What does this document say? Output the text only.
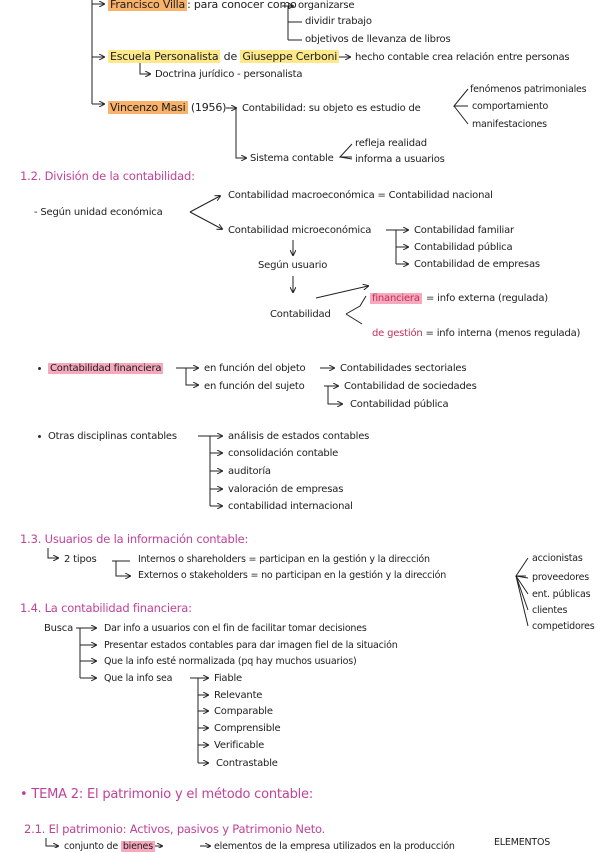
Francisco Villa : para conocer como organizarse
dividir trabajo
objetivos de llevanza de libros
Escuela Personalista de Giuseppe Cerboni hecho contable crea relación entre personas
Doctrina jurídico - personalista
Vincenzo Masi (1956) Contabilidad: su objeto es estudio de
fenómenos patrimoniales
comportamiento
manifestaciones
Sistema contable
refleja realidad
informa a usuarios
1.2. División de la contabilidad:
- Según unidad económica
Contabilidad macroeconómica = Contabilidad nacional
Contabilidad microeconómica	Contabilidad familiar
Contabilidad pública
Contabilidad de empresas
Según usuario
Contabilidad
financiera = info externa (regulada)
de gestión = info interna (menos regulada)
Contabilidad financiera	en función del objeto	Contabilidades sectoriales
en función del sujeto	Contabilidad de sociedades
Contabilidad pública
Otras disciplinas contables	análisis de estados contables
consolidación contable
auditoría
valoración de empresas
contabilidad internacional
1.3. Usuarios de la información contable:
2 tipos	Internos o shareholders = participan en la gestión y la dirección
Externos o stakeholders = no participan en la gestión y la dirección
accionistas
proveedores
ent. públicas
clientes
competidores
1.4. La contabilidad financiera:
Busca	Dar info a usuarios con el fin de facilitar tomar decisiones
Presentar estados contables para dar imagen fiel de la situación
Que la info esté normalizada (pq hay muchos usuarios)
Que la info sea	Fiable
Relevante
Comparable
Comprensible
Verificable
Contrastable
• TEMA 2: El patrimonio y el método contable:
2.1. El patrimonio: Activos, pasivos y Patrimonio Neto.
conjunto de bienes	elementos de la empresa utilizados en la producción	ELEMENTOS
